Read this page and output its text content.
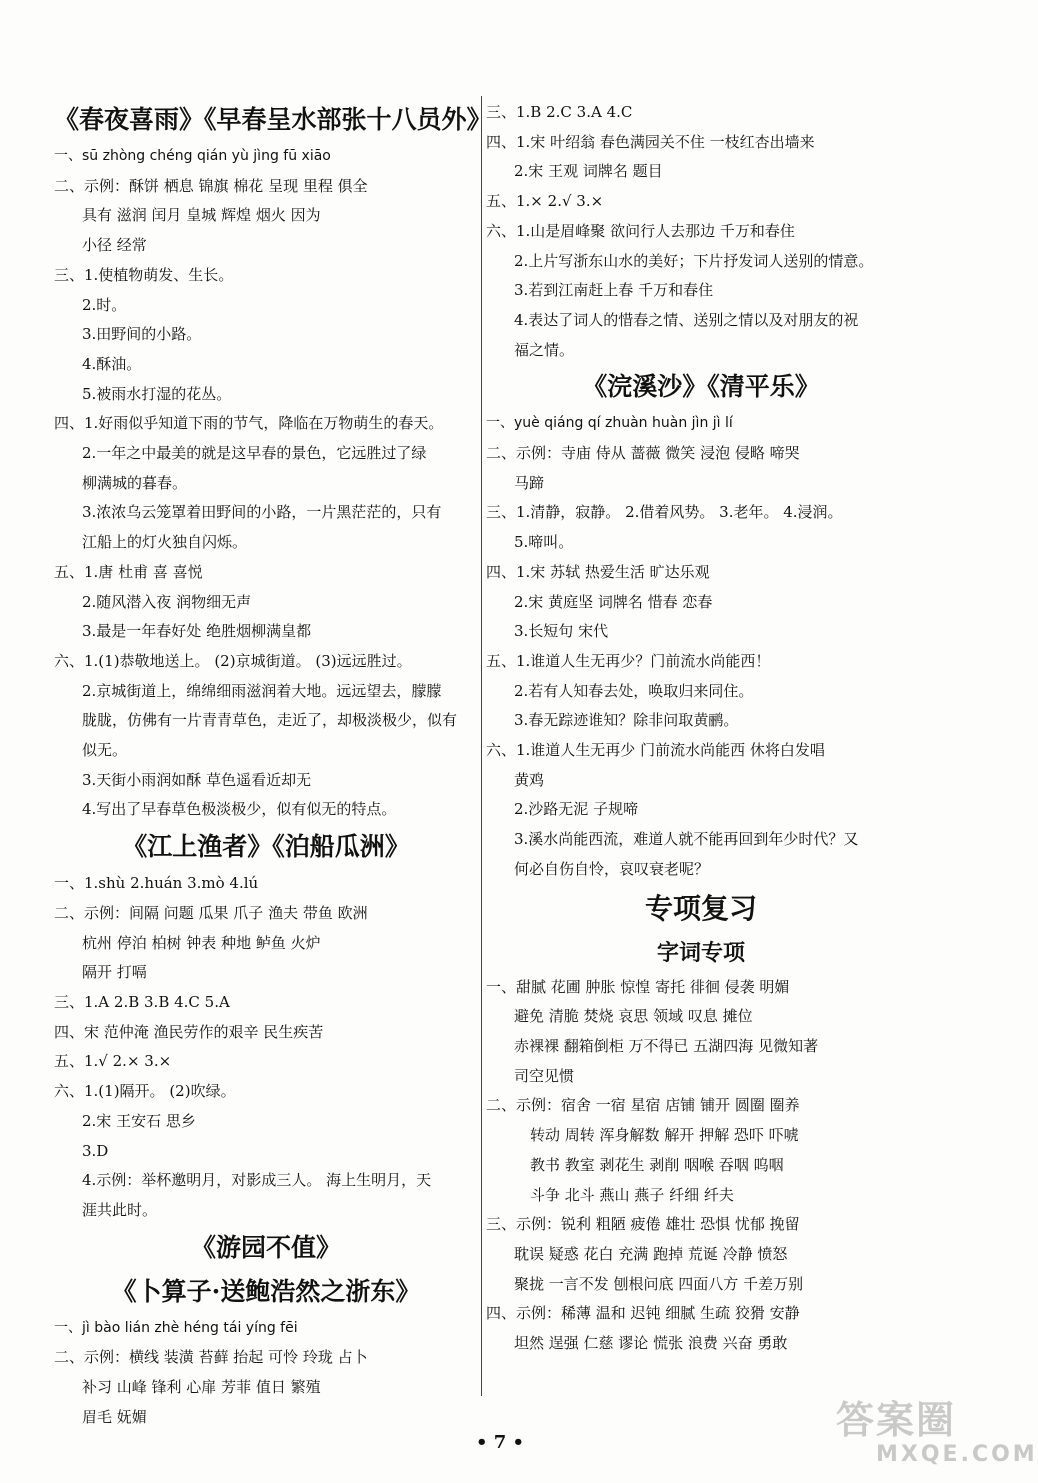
《春夜喜雨》《早春呈水部张十八员外》
一、sū zhòng chéng qián yù jìng fū xiāo
二、示例：酥饼 栖息 锦旗 棉花 呈现 里程 俱全
具有 滋润 闰月 皇城 辉煌 烟火 因为
小径 经常
三、1.使植物萌发、生长。
2.时。
3.田野间的小路。
4.酥油。
5.被雨水打湿的花丛。
四、1.好雨似乎知道下雨的节气，降临在万物萌生的春天。
2.一年之中最美的就是这早春的景色，它远胜过了绿
柳满城的暮春。
3.浓浓乌云笼罩着田野间的小路，一片黑茫茫的，只有
江船上的灯火独自闪烁。
五、1.唐 杜甫 喜 喜悦
2.随风潜入夜 润物细无声
3.最是一年春好处 绝胜烟柳满皇都
六、1.(1)恭敬地送上。 (2)京城街道。 (3)远远胜过。
2.京城街道上，绵绵细雨滋润着大地。远远望去，朦朦
胧胧，仿佛有一片青青草色，走近了，却极淡极少，似有
似无。
3.天街小雨润如酥 草色遥看近却无
4.写出了早春草色极淡极少，似有似无的特点。
《江上渔者》《泊船瓜洲》
一、1.shù 2.huán 3.mò 4.lú
二、示例：间隔 问题 瓜果 爪子 渔夫 带鱼 欧洲
杭州 停泊 柏树 钟表 种地 鲈鱼 火炉
隔开 打嗝
三、1.A 2.B 3.B 4.C 5.A
四、宋 范仲淹 渔民劳作的艰辛 民生疾苦
五、1.√ 2.× 3.×
六、1.(1)隔开。 (2)吹绿。
2.宋 王安石 思乡
3.D
4.示例：举杯邀明月，对影成三人。 海上生明月，天
涯共此时。
《游园不值》
《卜算子·送鲍浩然之浙东》
一、jì bào lián zhè héng tái yíng fēi
二、示例：横线 装潢 苔藓 抬起 可怜 玲珑 占卜
补习 山峰 锋利 心扉 芳菲 值日 繁殖
眉毛 妩媚
三、1.B 2.C 3.A 4.C
四、1.宋 叶绍翁 春色满园关不住 一枝红杏出墙来
2.宋 王观 词牌名 题目
五、1.× 2.√ 3.×
六、1.山是眉峰聚 欲问行人去那边 千万和春住
2.上片写浙东山水的美好；下片抒发词人送别的情意。
3.若到江南赶上春 千万和春住
4.表达了词人的惜春之情、送别之情以及对朋友的祝
福之情。
《浣溪沙》《清平乐》
一、yuè qiáng qí zhuàn huàn jìn jì lí
二、示例：寺庙 侍从 蔷薇 微笑 浸泡 侵略 啼哭
马蹄
三、1.清静，寂静。 2.借着风势。 3.老年。 4.浸润。
5.啼叫。
四、1.宋 苏轼 热爱生活 旷达乐观
2.宋 黄庭坚 词牌名 惜春 恋春
3.长短句 宋代
五、1.谁道人生无再少？门前流水尚能西！
2.若有人知春去处，唤取归来同住。
3.春无踪迹谁知？除非问取黄鹂。
六、1.谁道人生无再少 门前流水尚能西 休将白发唱
黄鸡
2.沙路无泥 子规啼
3.溪水尚能西流，难道人就不能再回到年少时代？又
何必自伤自怜，哀叹衰老呢？
专项复习
字词专项
一、甜腻 花圃 肿胀 惊惶 寄托 徘徊 侵袭 明媚
避免 清脆 焚烧 哀思 领域 叹息 摊位
赤裸裸 翻箱倒柜 万不得已 五湖四海 见微知著
司空见惯
二、示例：宿舍 一宿 星宿 店铺 铺开 圆圈 圈养
转动 周转 浑身解数 解开 押解 恐吓 吓唬
教书 教室 剥花生 剥削 咽喉 吞咽 呜咽
斗争 北斗 燕山 燕子 纤细 纤夫
三、示例：锐利 粗陋 疲倦 雄壮 恐惧 忧郁 挽留
耽误 疑惑 花白 充满 跑掉 荒诞 冷静 愤怒
聚拢 一言不发 刨根问底 四面八方 千差万别
四、示例：稀薄 温和 迟钝 细腻 生疏 狡猾 安静
坦然 逞强 仁慈 谬论 慌张 浪费 兴奋 勇敢
• 7 •
答案圈
MXQE.COM
